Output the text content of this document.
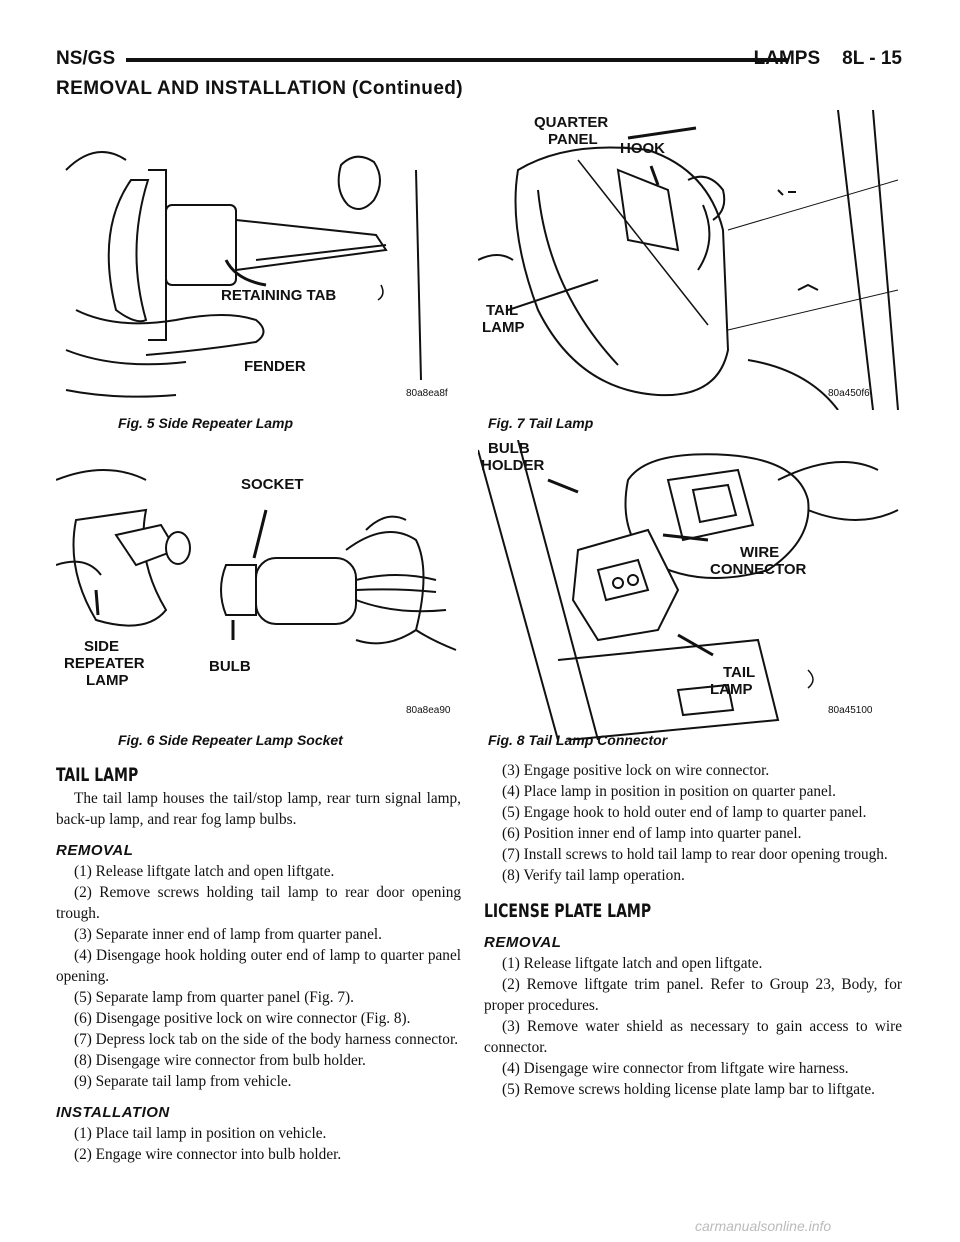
NS/GS	LAMPS 8L - 15
REMOVAL AND INSTALLATION (Continued)
RETAINING TAB
FENDER
80a8ea8f
Fig. 5 Side Repeater Lamp
QUARTER
PANEL
HOOK
TAIL
LAMP
80a450f6
Fig. 7 Tail Lamp
SOCKET
SIDE
REPEATER
LAMP
BULB
80a8ea90
Fig. 6 Side Repeater Lamp Socket
BULB
HOLDER
WIRE
CONNECTOR
TAIL
LAMP
80a45100
Fig. 8 Tail Lamp Connector
TAIL LAMP

The tail lamp houses the tail/stop lamp, rear turn signal lamp, back-up lamp, and rear fog lamp bulbs.

REMOVAL

(1) Release liftgate latch and open liftgate.

(2) Remove screws holding tail lamp to rear door opening trough.

(3) Separate inner end of lamp from quarter panel.

(4) Disengage hook holding outer end of lamp to quarter panel opening.

(5) Separate lamp from quarter panel (Fig. 7).

(6) Disengage positive lock on wire connector (Fig. 8).

(7) Depress lock tab on the side of the body harness connector.

(8) Disengage wire connector from bulb holder.

(9) Separate tail lamp from vehicle.

INSTALLATION

(1) Place tail lamp in position on vehicle.

(2) Engage wire connector into bulb holder.

(3) Engage positive lock on wire connector.

(4) Place lamp in position in position on quarter panel.

(5) Engage hook to hold outer end of lamp to quarter panel.

(6) Position inner end of lamp into quarter panel.

(7) Install screws to hold tail lamp to rear door opening trough.

(8) Verify tail lamp operation.

LICENSE PLATE LAMP
REMOVAL

(1) Release liftgate latch and open liftgate.

(2) Remove liftgate trim panel. Refer to Group 23, Body, for proper procedures.

(3) Remove water shield as necessary to gain access to wire connector.

(4) Disengage wire connector from liftgate wire harness.

(5) Remove screws holding license plate lamp bar to liftgate.

carmanualsonline.info
